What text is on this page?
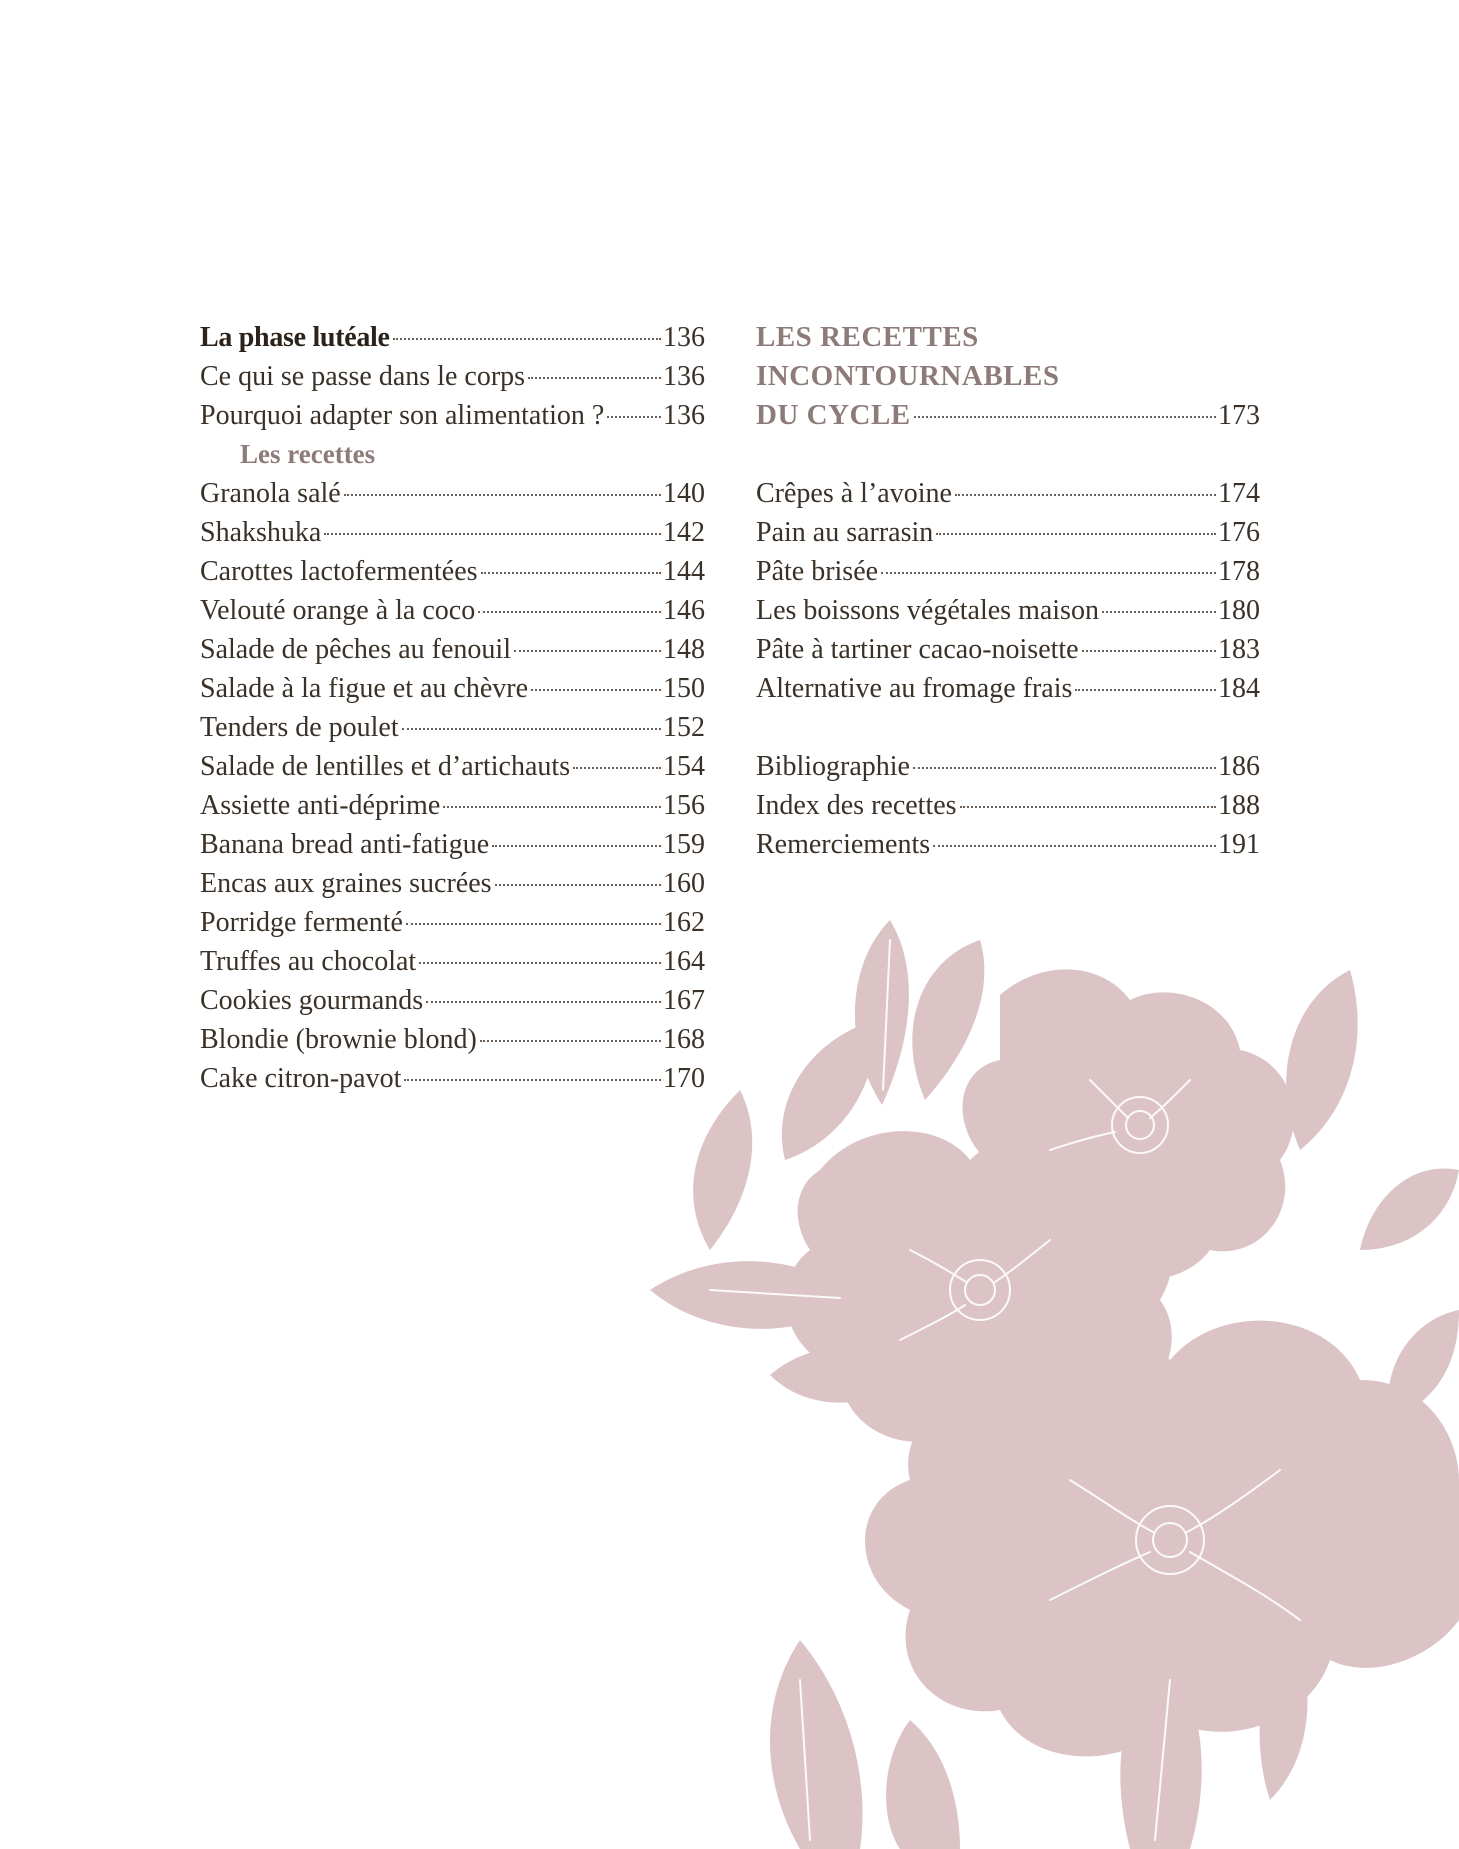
La phase lutéale	136
Ce qui se passe dans le corps	136
Pourquoi adapter son alimentation ? 136
Les recettes
Granola salé	140
Shakshuka	142
Carottes lactofermentées	144
Velouté orange à la coco	146
Salade de pêches au fenouil	148
Salade à la figue et au chèvre	150
Tenders de poulet	152
Salade de lentilles et d’artichauts	154
Assiette anti-déprime	156
Banana bread anti-fatigue	159
Encas aux graines sucrées	160
Porridge fermenté	162
Truffes au chocolat	164
Cookies gourmands	167
Blondie (brownie blond)	168
Cake citron-pavot	170
LES RECETTES
INCONTOURNABLES
DU CYCLE	173
Crêpes à l’avoine	174
Pain au sarrasin	176
Pâte brisée	178
Les boissons végétales maison	180
Pâte à tartiner cacao-noisette	183
Alternative au fromage frais	184
Bibliographie	186
Index des recettes	188
Remerciements	191
